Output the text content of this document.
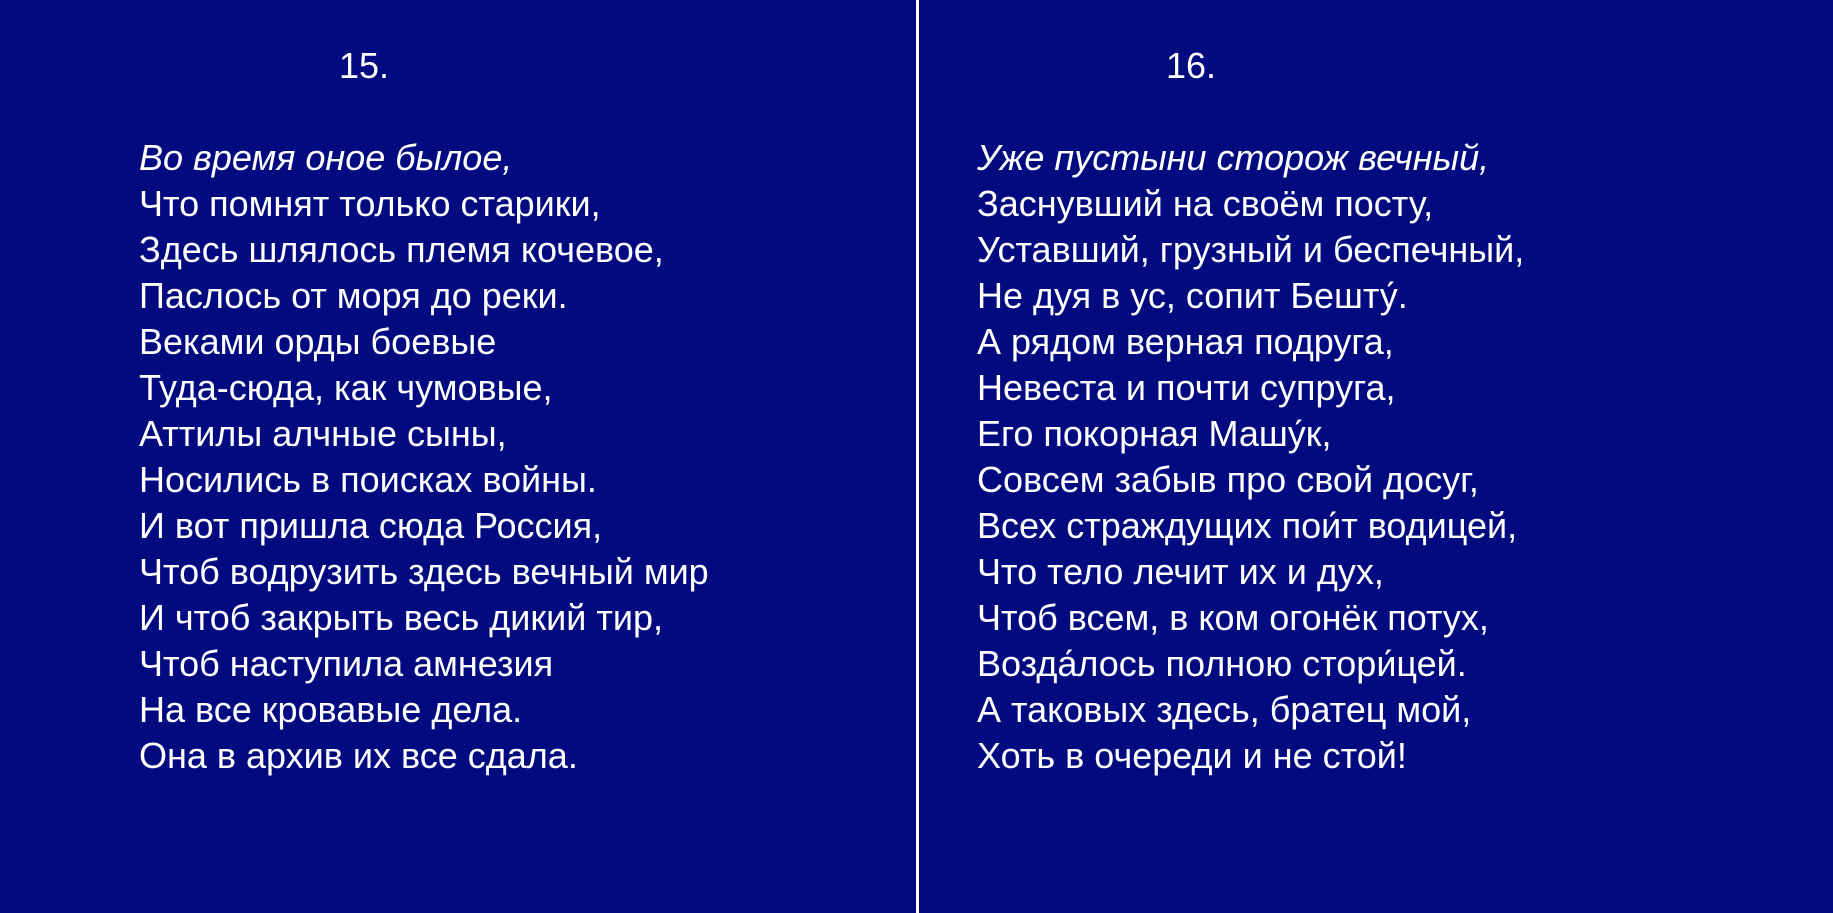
15.
Во время оное былое,
Что помнят только старики,
Здесь шлялось племя кочевое,
Паслось от моря до реки.
Веками орды боевые
Туда-сюда, как чумовые,
Аттилы алчные сыны,
Носились в поисках войны.
И вот пришла сюда Россия,
Чтоб водрузить здесь вечный мир
И чтоб закрыть весь дикий тир,
Чтоб наступила амнезия
На все кровавые дела.
Она в архив их все сдала.
16.
Уже пустыни сторож вечный,
Заснувший на своём посту,
Уставший, грузный и беспечный,
Не дуя в ус, сопит Бешту́.
А рядом верная подруга,
Невеста и почти супруга,
Его покорная Машу́к,
Совсем забыв про свой досуг,
Всех страждущих пои́т водицей,
Что тело лечит их и дух,
Чтоб всем, в ком огонёк потух,
Возда́лось полною стори́цей.
А таковых здесь, братец мой,
Хоть в очереди и не стой!
